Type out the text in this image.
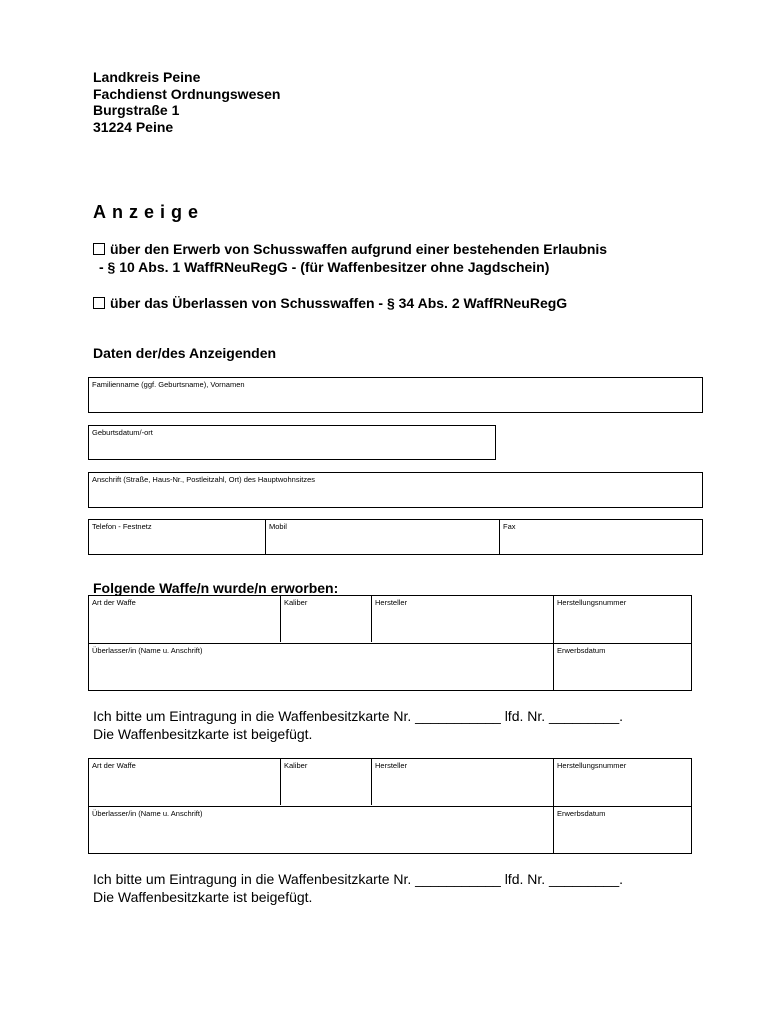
Landkreis Peine
Fachdienst Ordnungswesen
Burgstraße 1
31224 Peine
Anzeige
über den Erwerb von Schusswaffen aufgrund einer bestehenden Erlaubnis
- § 10 Abs. 1 WaffRNeuRegG - (für Waffenbesitzer ohne Jagdschein)
über das Überlassen von Schusswaffen - § 34 Abs. 2 WaffRNeuRegG
Daten der/des Anzeigenden
Familienname (ggf. Geburtsname), Vornamen
Geburtsdatum/-ort
Anschrift (Straße, Haus-Nr., Postleitzahl, Ort) des Hauptwohnsitzes
Telefon - Festnetz	Mobil	Fax
Folgende Waffe/n wurde/n erworben:
Art der Waffe	Kaliber	Hersteller	Herstellungsnummer
Überlasser/in (Name u. Anschrift)	Erwerbsdatum
Ich bitte um Eintragung in die Waffenbesitzkarte Nr. ___________ lfd. Nr. _________.
Die Waffenbesitzkarte ist beigefügt.
Art der Waffe	Kaliber	Hersteller	Herstellungsnummer
Überlasser/in (Name u. Anschrift)	Erwerbsdatum
Ich bitte um Eintragung in die Waffenbesitzkarte Nr. ___________ lfd. Nr. _________.
Die Waffenbesitzkarte ist beigefügt.
